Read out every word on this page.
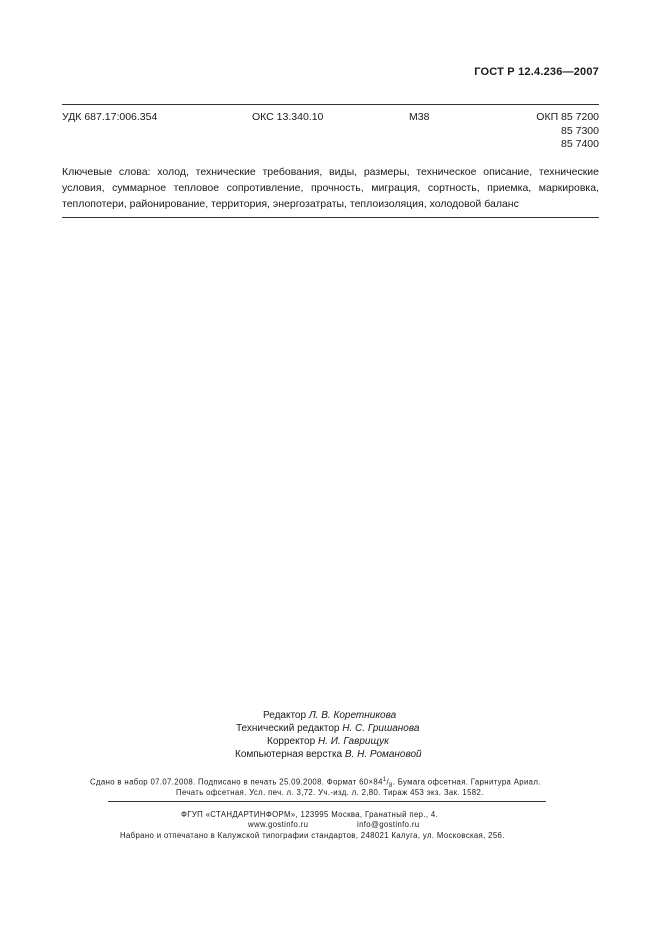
ГОСТ Р 12.4.236—2007
УДК 687.17:006.354	ОКС 13.340.10	М38	ОКП 85 7200
85 7300
85 7400
Ключевые слова: холод, технические требования, виды, размеры, техническое описание, технические условия, суммарное тепловое сопротивление, прочность, миграция, сортность, приемка, маркировка, теплопотери, районирование, территория, энергозатраты, теплоизоляция, холодовой баланс
Редактор Л. В. Коретникова
Технический редактор Н. С. Гришанова
Корректор Н. И. Гаврищук
Компьютерная верстка В. Н. Романовой
Сдано в набор 07.07.2008. Подписано в печать 25.09.2008. Формат $60\times 84^1/_8$. Бумага офсетная. Гарнитура Ариал.
Печать офсетная. Усл. печ. л. 3,72. Уч.-изд. л. 2,80. Тираж 453 экз. Зак. 1582.
ФГУП «СТАНДАРТИНФОРМ», 123995 Москва, Гранатный пер., 4.
www.gostinfo.ru	info@gostinfo.ru
Набрано и отпечатано в Калужской типографии стандартов, 248021 Калуга, ул. Московская, 256.
